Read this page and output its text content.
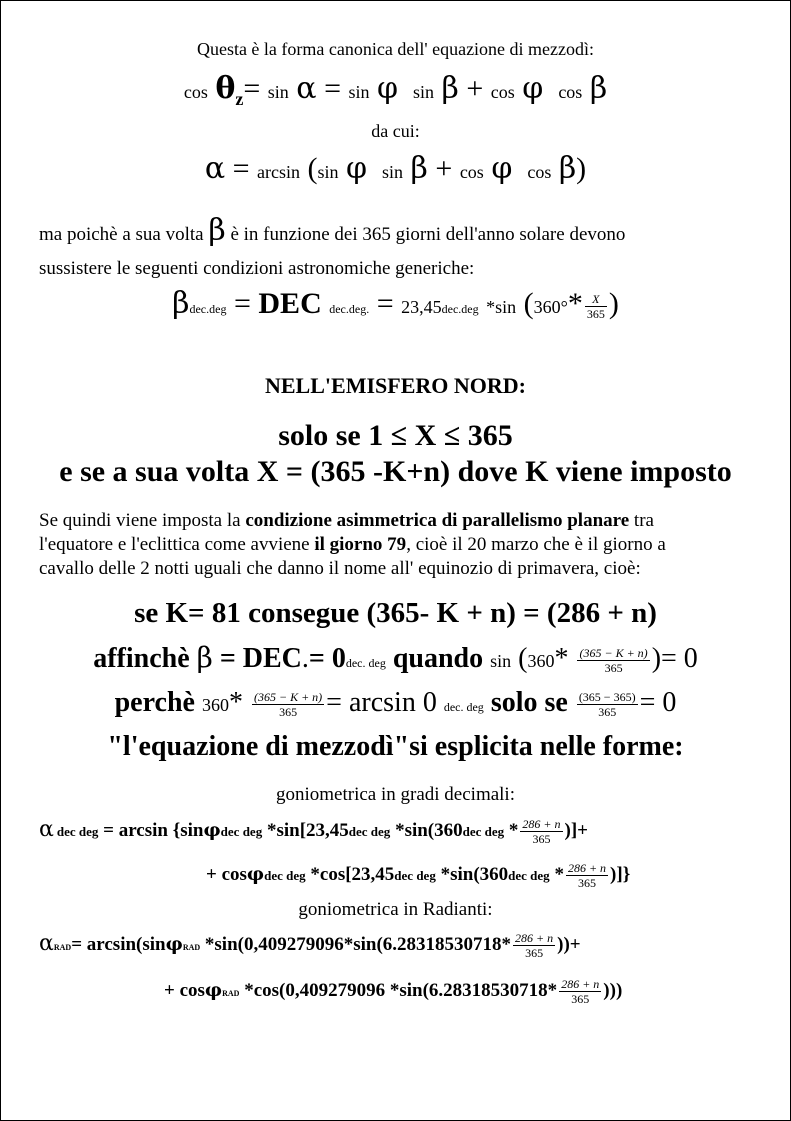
Questa è la forma canonica dell' equazione di mezzodì:
$\cos \theta_z= \sin \alpha = \sin \varphi$ sin β + cos φ cos β
da cui:
α = arcsin (sin φ sin β + cos φ cos β)
ma poichè a sua volta β è in funzione dei 365 giorni dell'anno solare devono
sussistere le seguenti condizioni astronomiche generiche:
βdec.deg = DEC dec.deg. = 23,45dec.deg *sin ($360^\circ* \frac{X}{365}$ )
NELL'EMISFERO NORD:
solo se 1 ≤ X ≤ 365
e se a sua volta X = (365 -K+n) dove K viene imposto
Se quindi viene imposta la condizione asimmetrica di parallelismo planare tra
l'equatore e l'eclittica come avviene il giorno 79, cioè il 20 marzo che è il giorno a
cavallo delle 2 notti uguali che danno il nome all' equinozio di primavera, cioè:
se K= 81 consegue (365- K + n) = (286 + n)
affinchè β = DEC.= 0dec. deg quando $\sin (360* \frac{(365 - K + n)}{365}$ )= 0
perchè $360* \frac{(365 - K + n)}{365} = \arcsin 0$ dec. deg solo se $\frac{(365 - 365)}{365} = 0$
"l'equazione di mezzodì"si esplicita nelle forme:
goniometrica in gradi decimali:
α dec deg = arcsin {sinφdec deg *sin[23,45dec deg *sin(360dec deg * $\frac{286 + n}{365}$ )]+
+ cosφdec deg *cos[23,45dec deg *sin(360dec deg * $\frac{286 + n}{365}$ )]}
goniometrica in Radianti:
αRAD= arcsin(sinφRAD $*\sin(0,409279096*\sin(6.28318530718* \frac{286 + n}{365}$ ))+
+ cosφRAD *cos(0,409279096 $*\sin(6.28318530718* \frac{286 + n}{365}$ )))
